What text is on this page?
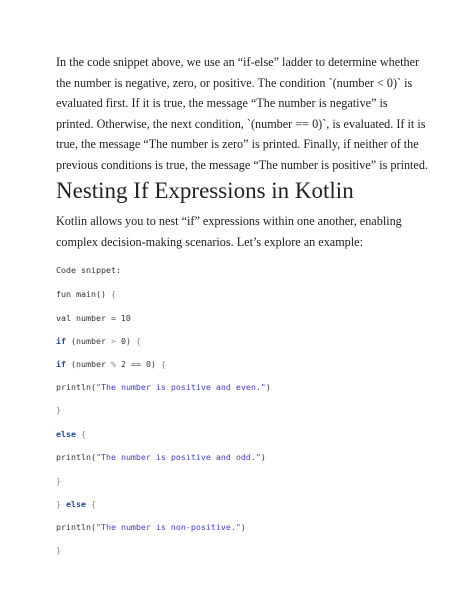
In the code snippet above, we use an “if-else” ladder to determine whether the number is negative, zero, or positive. The condition `(number < 0)` is evaluated first. If it is true, the message “The number is negative” is printed. Otherwise, the next condition, `(number == 0)`, is evaluated. If it is true, the message “The number is zero” is printed. Finally, if neither of the previous conditions is true, the message “The number is positive” is printed.

Nesting If Expressions in Kotlin

Kotlin allows you to nest “if” expressions within one another, enabling complex decision-making scenarios. Let’s explore an example:

Code snippet:
fun main() {
val number = 10
if (number > 0) {
if (number % 2 == 0) {
println("The number is positive and even.")
}
else {
println("The number is positive and odd.")
}
} else {
println("The number is non-positive.")
}
